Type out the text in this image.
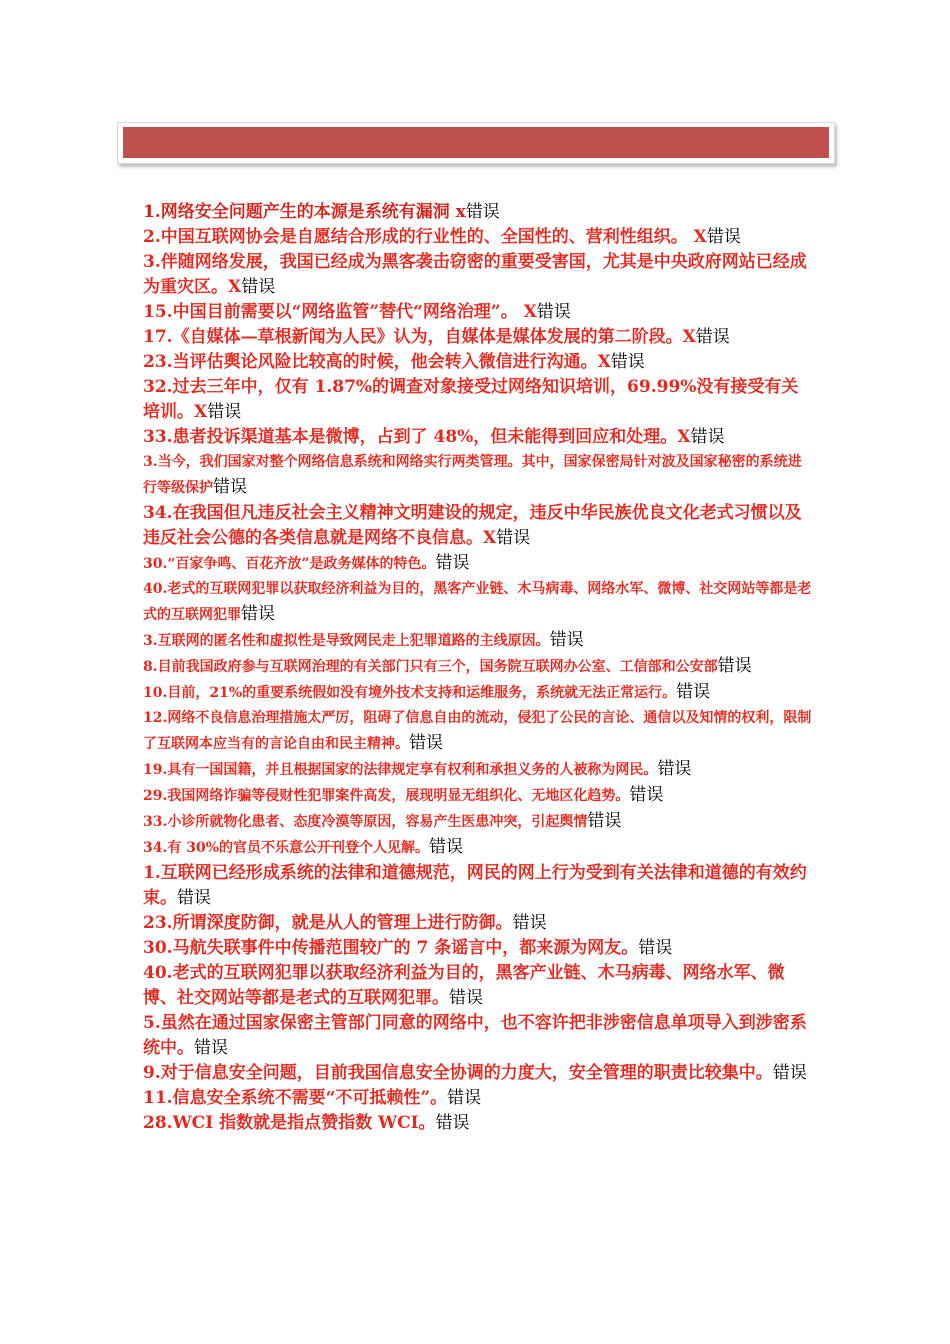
1.网络安全问题产生的本源是系统有漏洞 x错误

2.中国互联网协会是自愿结合形成的行业性的、全国性的、营利性组织。 X错误

3.伴随网络发展，我国已经成为黑客袭击窃密的重要受害国，尤其是中央政府网站已经成为重灾区。X错误

15.中国目前需要以“网络监管”替代“网络治理”。 X错误

17.《自媒体—草根新闻为人民》认为，自媒体是媒体发展的第二阶段。X错误

23.当评估舆论风险比较高的时候，他会转入微信进行沟通。X错误

32.过去三年中，仅有 1.87%的调查对象接受过网络知识培训，69.99%没有接受有关培训。X错误

33.患者投诉渠道基本是微博，占到了 48%，但未能得到回应和处理。X错误

3.当今，我们国家对整个网络信息系统和网络实行两类管理。其中，国家保密局针对波及国家秘密的系统进行等级保护错误

34.在我国但凡违反社会主义精神文明建设的规定，违反中华民族优良文化老式习惯以及违反社会公德的各类信息就是网络不良信息。X错误

30.“百家争鸣、百花齐放”是政务媒体的特色。错误

40.老式的互联网犯罪以获取经济利益为目的，黑客产业链、木马病毒、网络水军、微博、社交网站等都是老式的互联网犯罪错误

3.互联网的匿名性和虚拟性是导致网民走上犯罪道路的主线原因。错误

8.目前我国政府参与互联网治理的有关部门只有三个，国务院互联网办公室、工信部和公安部错误

10.目前，21%的重要系统假如没有境外技术支持和运维服务，系统就无法正常运行。错误

12.网络不良信息治理措施太严厉，阻碍了信息自由的流动，侵犯了公民的言论、通信以及知情的权利，限制了互联网本应当有的言论自由和民主精神。错误

19.具有一国国籍，并且根据国家的法律规定享有权利和承担义务的人被称为网民。错误

29.我国网络诈骗等侵财性犯罪案件高发，展现明显无组织化、无地区化趋势。错误

33.小诊所就物化患者、态度冷漠等原因，容易产生医患冲突，引起舆情错误

34.有 30%的官员不乐意公开刊登个人见解。错误

1.互联网已经形成系统的法律和道德规范，网民的网上行为受到有关法律和道德的有效约束。错误

23.所谓深度防御，就是从人的管理上进行防御。错误

30.马航失联事件中传播范围较广的 7 条谣言中，都来源为网友。错误

40.老式的互联网犯罪以获取经济利益为目的，黑客产业链、木马病毒、网络水军、微博、社交网站等都是老式的互联网犯罪。错误

5.虽然在通过国家保密主管部门同意的网络中，也不容许把非涉密信息单项导入到涉密系统中。错误

9.对于信息安全问题，目前我国信息安全协调的力度大，安全管理的职责比较集中。错误

11.信息安全系统不需要“不可抵赖性”。错误

28.WCI 指数就是指点赞指数 WCI。错误
